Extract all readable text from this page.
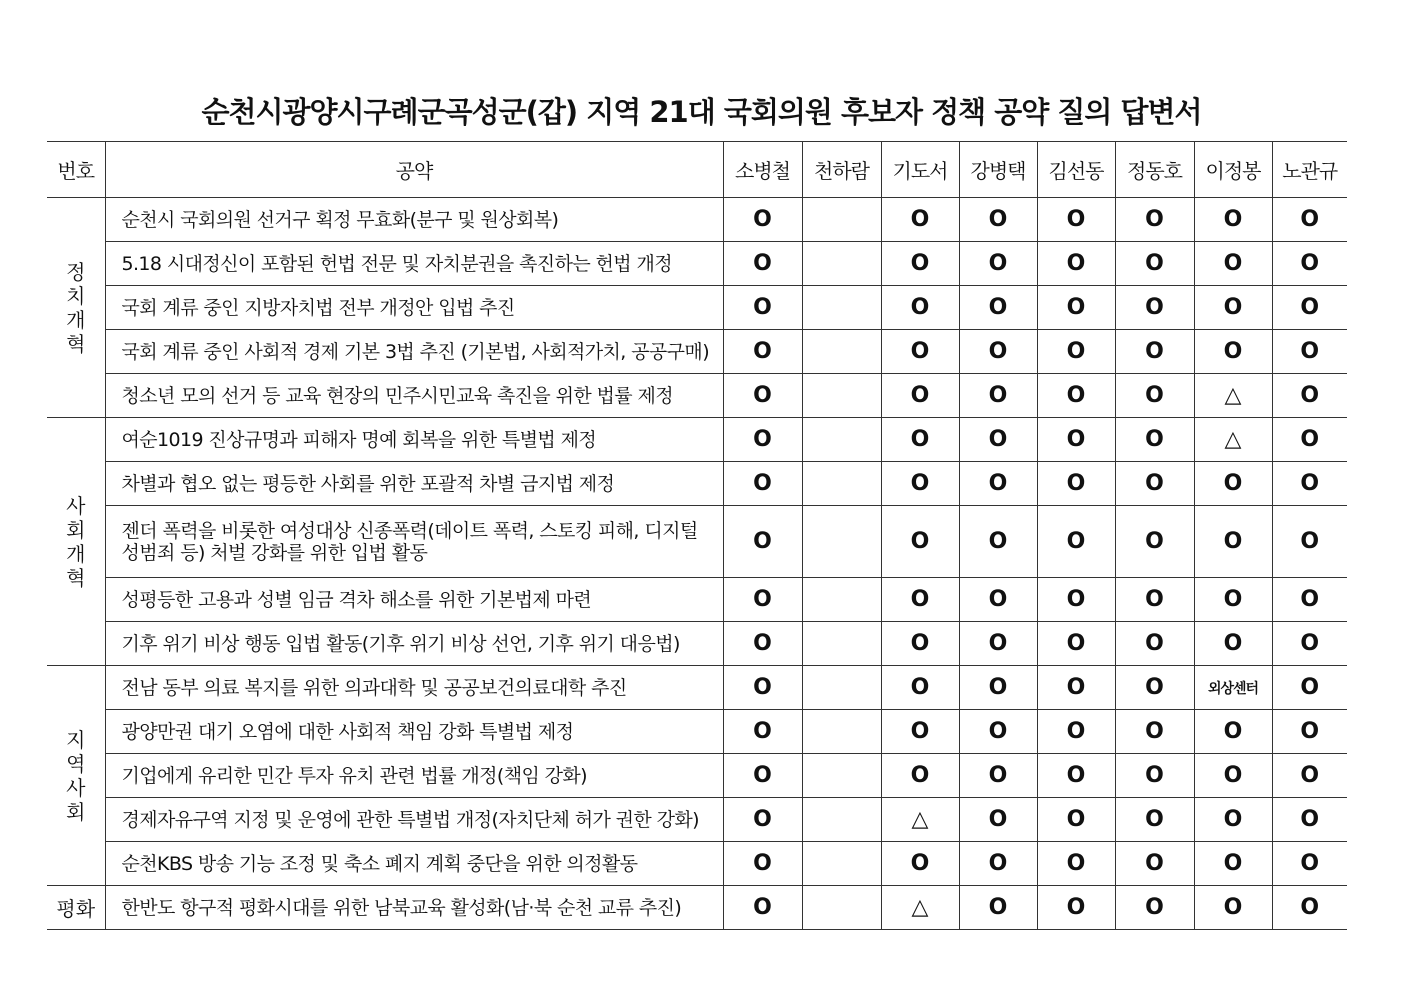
순천시광양시구례군곡성군(갑) 지역 21대 국회의원 후보자 정책 공약 질의 답변서
번호	공약	소병철	천하람	기도서	강병택	김선동	정동호	이정봉	노관규
정치개혁	순천시 국회의원 선거구 획정 무효화(분구 및 원상회복)	O		O	O	O	O	O	O
	5.18 시대정신이 포함된 헌법 전문 및 자치분권을 촉진하는 헌법 개정	O		O	O	O	O	O	O
	국회 계류 중인 지방자치법 전부 개정안 입법 추진	O		O	O	O	O	O	O
	국회 계류 중인 사회적 경제 기본 3법 추진 (기본법, 사회적가치, 공공구매)	O		O	O	O	O	O	O
	청소년 모의 선거 등 교육 현장의 민주시민교육 촉진을 위한 법률 제정	O		O	O	O	O	△	O
사회개혁	여순1019 진상규명과 피해자 명예 회복을 위한 특별법 제정	O		O	O	O	O	△	O
	차별과 협오 없는 평등한 사회를 위한 포괄적 차별 금지법 제정	O		O	O	O	O	O	O
	젠더 폭력을 비롯한 여성대상 신종폭력(데이트 폭력, 스토킹 피해, 디지털 성범죄 등) 처벌 강화를 위한 입법 활동	O		O	O	O	O	O	O
	성평등한 고용과 성별 임금 격차 해소를 위한 기본법제 마련	O		O	O	O	O	O	O
	기후 위기 비상 행동 입법 활동(기후 위기 비상 선언, 기후 위기 대응법)	O		O	O	O	O	O	O
지역사회	전남 동부 의료 복지를 위한 의과대학 및 공공보건의료대학 추진	O		O	O	O	O	외상센터	O
	광양만권 대기 오염에 대한 사회적 책임 강화 특별법 제정	O		O	O	O	O	O	O
	기업에게 유리한 민간 투자 유치 관련 법률 개정(책임 강화)	O		O	O	O	O	O	O
	경제자유구역 지정 및 운영에 관한 특별법 개정(자치단체 허가 권한 강화)	O		△	O	O	O	O	O
	순천KBS 방송 기능 조정 및 축소 폐지 계획 중단을 위한 의정활동	O		O	O	O	O	O	O
평화	한반도 항구적 평화시대를 위한 남북교육 활성화(남·북 순천 교류 추진)	O		△	O	O	O	O	O
